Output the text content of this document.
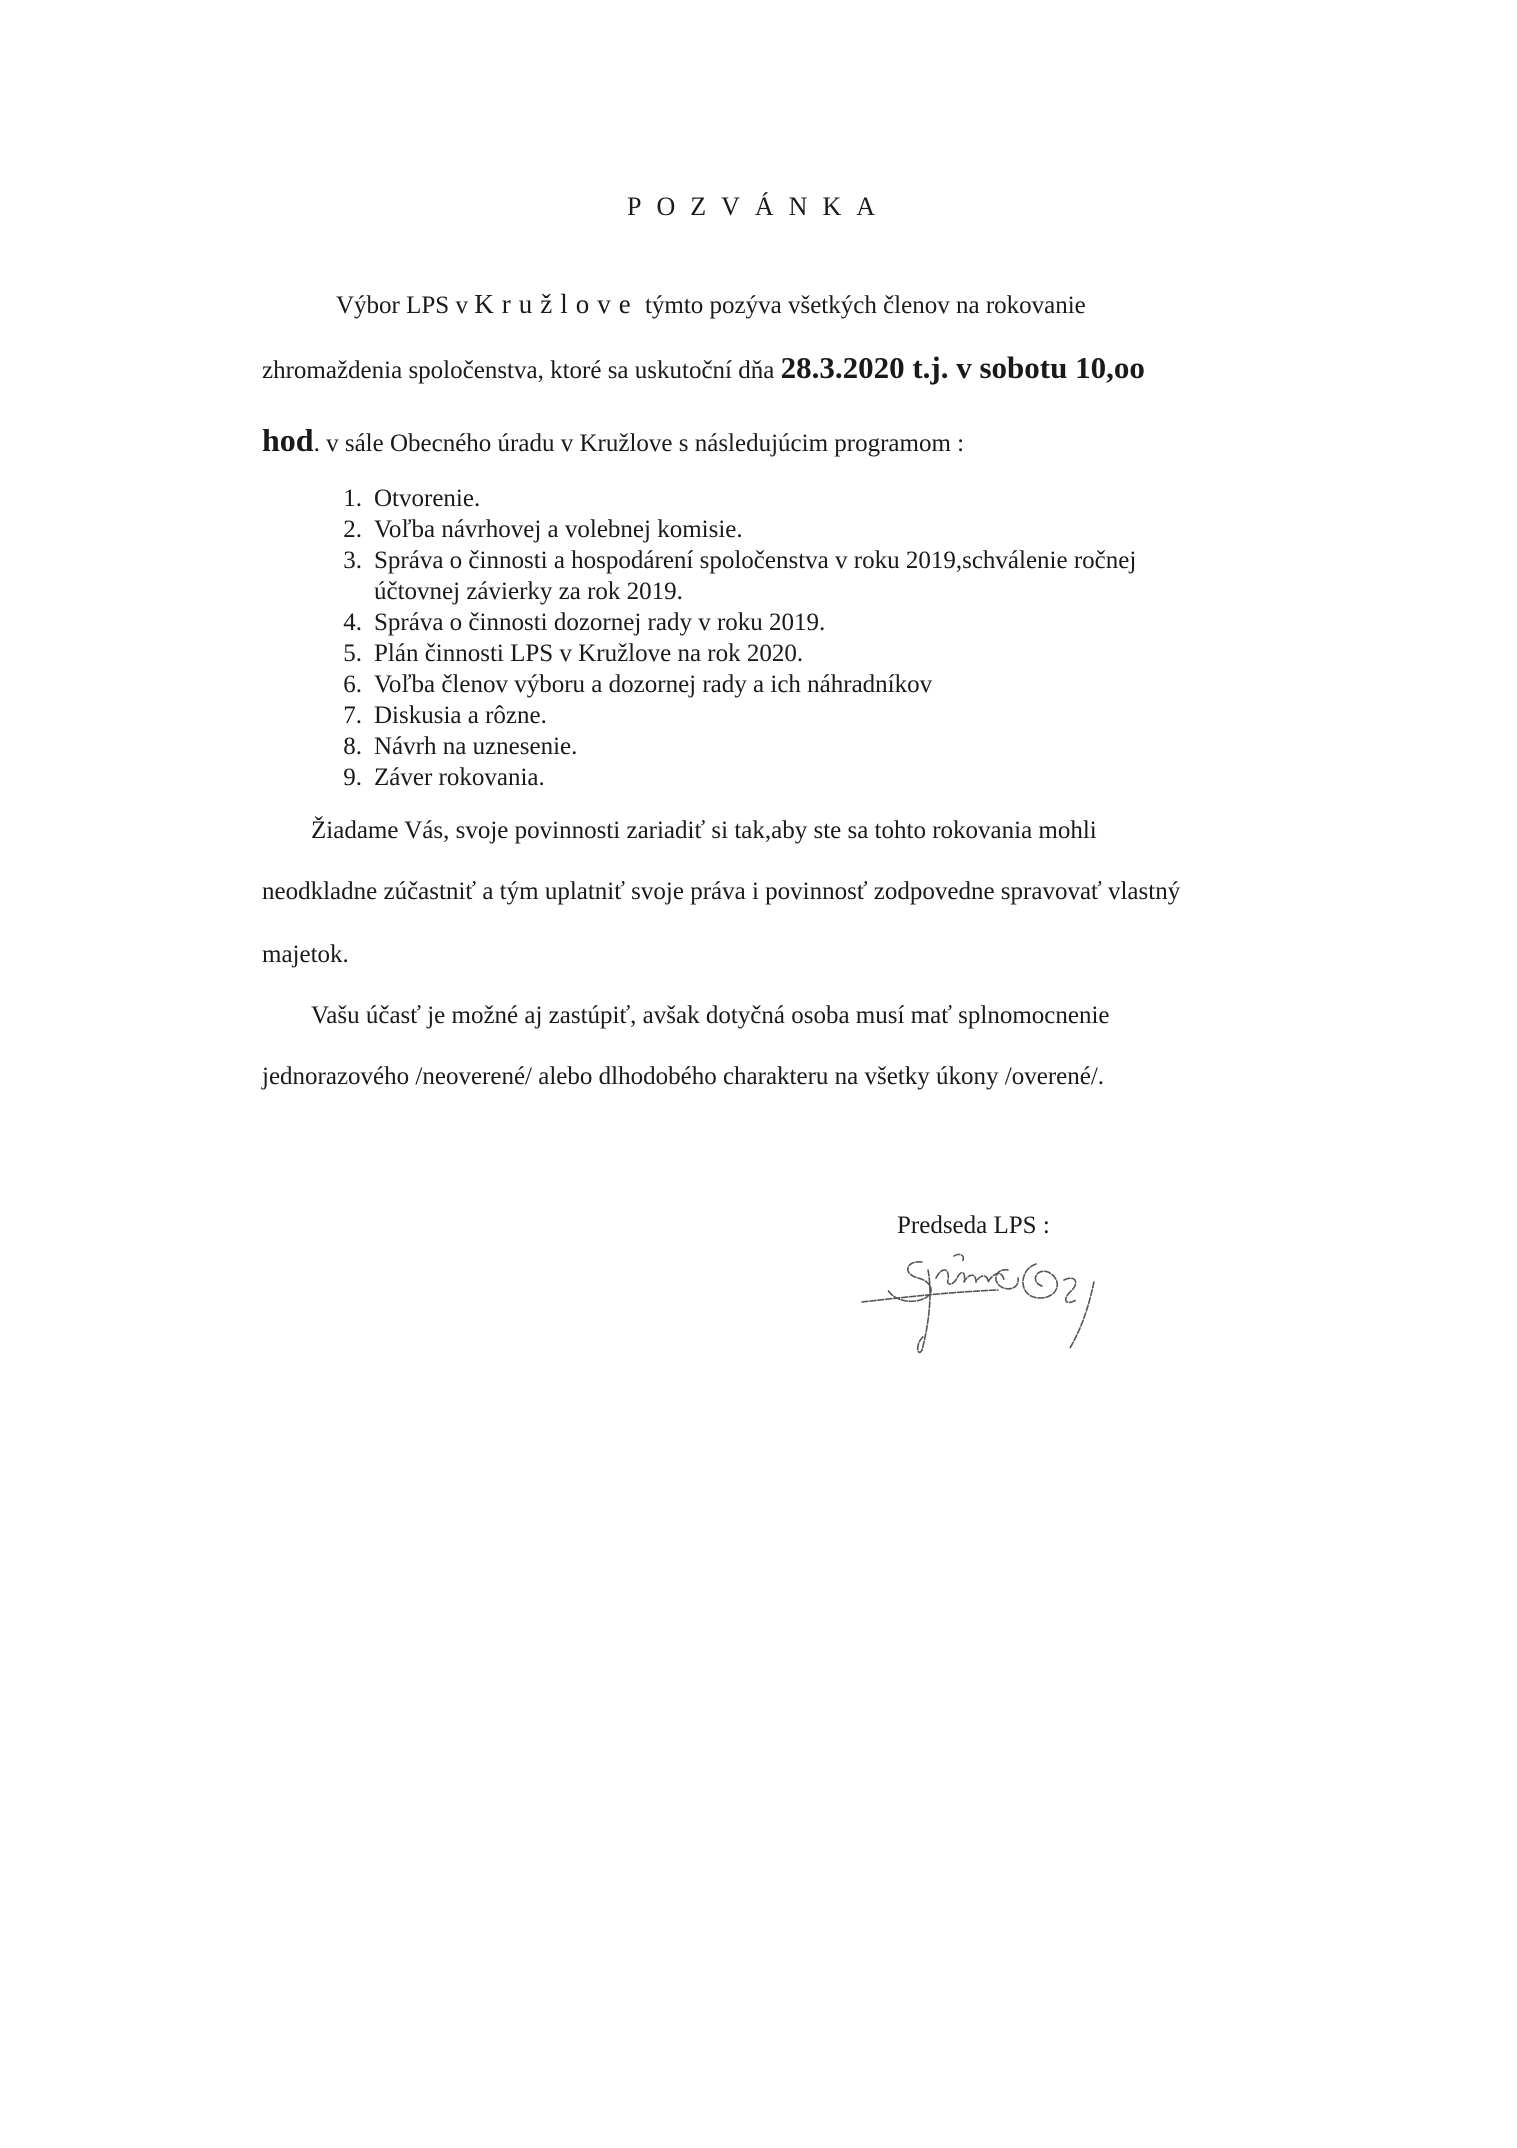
POZVÁNKA
Výbor LPS v Kružlove týmto pozýva všetkých členov na rokovanie
zhromaždenia spoločenstva, ktoré sa uskutoční dňa 28.3.2020 t.j. v sobotu 10,oo
hod. v sále Obecného úradu v Kružlove s následujúcim programom :
1. Otvorenie.
2. Voľba návrhovej a volebnej komisie.
3. Správa o činnosti a hospodárení spoločenstva v roku 2019,schválenie ročnej
účtovnej závierky za rok 2019.
4. Správa o činnosti dozornej rady v roku 2019.
5. Plán činnosti LPS v Kružlove na rok 2020.
6. Voľba členov výboru a dozornej rady a ich náhradníkov
7. Diskusia a rôzne.
8. Návrh na uznesenie.
9. Záver rokovania.
Žiadame Vás, svoje povinnosti zariadiť si tak,aby ste sa tohto rokovania mohli
neodkladne zúčastniť a tým uplatniť svoje práva i povinnosť zodpovedne spravovať vlastný
majetok.
Vašu účasť je možné aj zastúpiť, avšak dotyčná osoba musí mať splnomocnenie
jednorazového /neoverené/ alebo dlhodobého charakteru na všetky úkony /overené/.
Predseda LPS :
